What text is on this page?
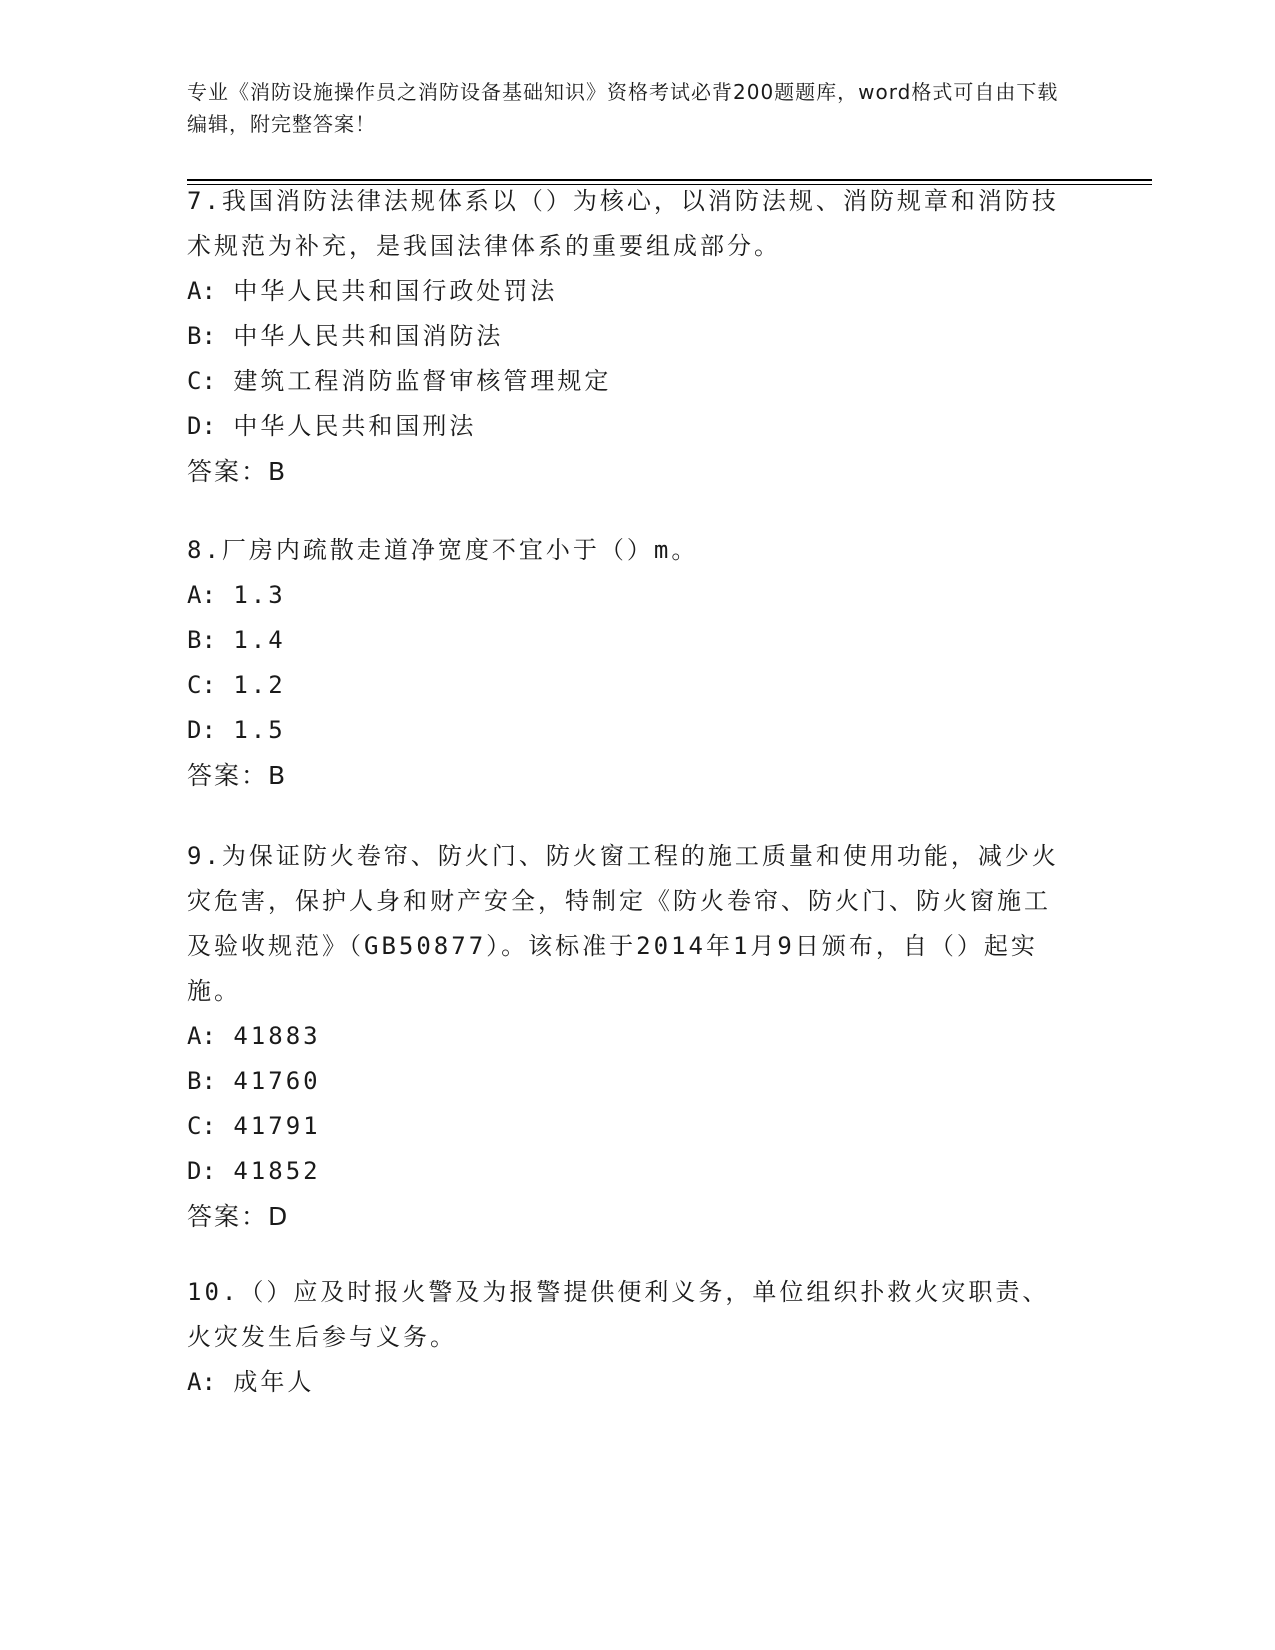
专业《消防设施操作员之消防设备基础知识》资格考试必背200题题库，word格式可自由下载编辑，附完整答案！
7.我国消防法律法规体系以（）为核心，以消防法规、消防规章和消防技术规范为补充，是我国法律体系的重要组成部分。
A: 中华人民共和国行政处罚法
B: 中华人民共和国消防法
C: 建筑工程消防监督审核管理规定
D: 中华人民共和国刑法
答案：B
8.厂房内疏散走道净宽度不宜小于（）m。
A: 1.3
B: 1.4
C: 1.2
D: 1.5
答案：B
9.为保证防火卷帘、防火门、防火窗工程的施工质量和使用功能，减少火灾危害，保护人身和财产安全，特制定《防火卷帘、防火门、防火窗施工及验收规范》（GB50877）。该标准于2014年1月9日颁布，自（）起实施。
A: 41883
B: 41760
C: 41791
D: 41852
答案：D
10.（）应及时报火警及为报警提供便利义务，单位组织扑救火灾职责、火灾发生后参与义务。
A: 成年人
